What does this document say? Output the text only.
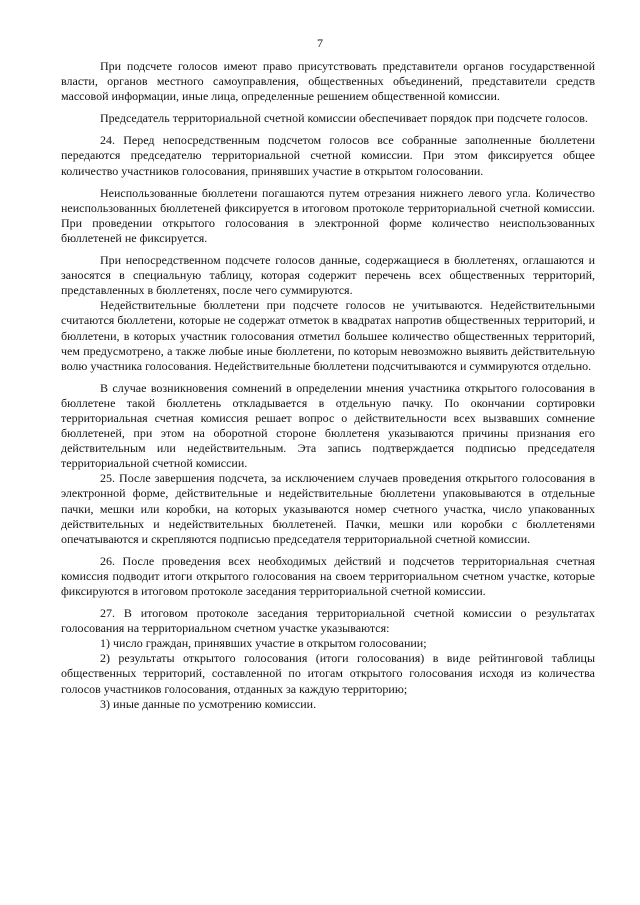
7

При подсчете голосов имеют право присутствовать представители органов государственной власти, органов местного самоуправления, общественных объединений, представители средств массовой информации, иные лица, определенные решением общественной комиссии.

Председатель территориальной счетной комиссии обеспечивает порядок при подсчете голосов.

24. Перед непосредственным подсчетом голосов все собранные заполненные бюллетени передаются председателю территориальной счетной комиссии. При этом фиксируется общее количество участников голосования, принявших участие в открытом голосовании.

Неиспользованные бюллетени погашаются путем отрезания нижнего левого угла. Количество неиспользованных бюллетеней фиксируется в итоговом протоколе территориальной счетной комиссии. При проведении открытого голосования в электронной форме количество неиспользованных бюллетеней не фиксируется.

При непосредственном подсчете голосов данные, содержащиеся в бюллетенях, оглашаются и заносятся в специальную таблицу, которая содержит перечень всех общественных территорий, представленных в бюллетенях, после чего суммируются.

Недействительные бюллетени при подсчете голосов не учитываются. Недействительными считаются бюллетени, которые не содержат отметок в квадратах напротив общественных территорий, и бюллетени, в которых участник голосования отметил большее количество общественных территорий, чем предусмотрено, а также любые иные бюллетени, по которым невозможно выявить действительную волю участника голосования. Недействительные бюллетени подсчитываются и суммируются отдельно.

В случае возникновения сомнений в определении мнения участника открытого голосования в бюллетене такой бюллетень откладывается в отдельную пачку. По окончании сортировки территориальная счетная комиссия решает вопрос о действительности всех вызвавших сомнение бюллетеней, при этом на оборотной стороне бюллетеня указываются причины признания его действительным или недействительным. Эта запись подтверждается подписью председателя территориальной счетной комиссии.

25. После завершения подсчета, за исключением случаев проведения открытого голосования в электронной форме, действительные и недействительные бюллетени упаковываются в отдельные пачки, мешки или коробки, на которых указываются номер счетного участка, число упакованных действительных и недействительных бюллетеней. Пачки, мешки или коробки с бюллетенями опечатываются и скрепляются подписью председателя территориальной счетной комиссии.

26. После проведения всех необходимых действий и подсчетов территориальная счетная комиссия подводит итоги открытого голосования на своем территориальном счетном участке, которые фиксируются в итоговом протоколе заседания территориальной счетной комиссии.

27. В итоговом протоколе заседания территориальной счетной комиссии о результатах голосования на территориальном счетном участке указываются:

1) число граждан, принявших участие в открытом голосовании;

2) результаты открытого голосования (итоги голосования) в виде рейтинговой таблицы общественных территорий, составленной по итогам открытого голосования исходя из количества голосов участников голосования, отданных за каждую территорию;

3) иные данные по усмотрению комиссии.
